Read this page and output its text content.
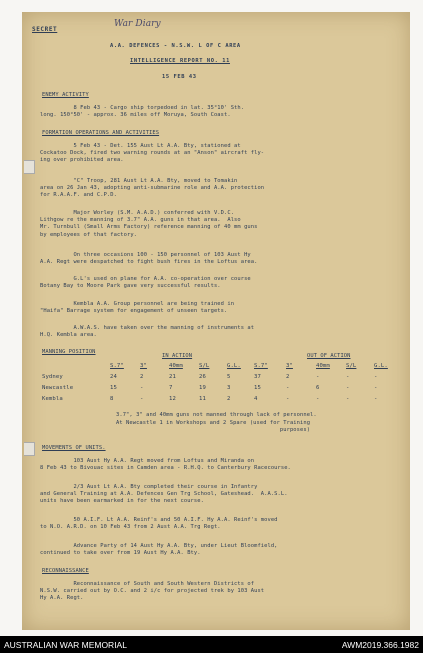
SECRET
War Diary
A.A. DEFENCES - N.S.W. L OF C AREA
INTELLIGENCE REPORT NO. 11
15 FEB 43
ENEMY ACTIVITY
8 Feb 43 - Cargo ship torpedoed in lat. 35°10' Sth.
long. 150°50' - approx. 36 miles off Moruya, South Coast.
FORMATION OPERATIONS AND ACTIVITIES
5 Feb 43 - Det. 155 Aust Lt A.A. Bty, stationed at
Cockatoo Dock, fired two warning rounds at an "Anson" aircraft fly-
ing over prohibited area.
"C" Troop, 281 Aust Lt A.A. Bty, moved to Tomakin
area on 26 Jan 43, adopting anti-submarine role and A.A. protection
for R.A.A.F. and C.P.D.
Major Worley (S.M. A.A.D.) conferred with V.D.C.
Lithgow re the manning of 3.7" A.A. guns in that area.  Also
Mr. Turnbull (Small Arms Factory) reference manning of 40 mm guns
by employees of that factory.
On three occasions 100 - 150 personnel of 103 Aust Hy
A.A. Regt were despatched to fight bush fires in the Loftus area.
G.L's used on plane for A.A. co-operation over course
Botany Bay to Moore Park gave very successful results.
Kembla A.A. Group personnel are being trained in
"Haifa" Barrage system for engagement of unseen targets.
A.W.A.S. have taken over the manning of instruments at
H.Q. Kembla area.
MANNING POSITION
IN ACTION	OUT OF ACTION
	S.7"	3"	40mm	S/L	G.L.	S.7"	3"	40mm	S/L	G.L.
Sydney	24	2	21	26	5	37	2	-	-	-
Newcastle	15	-	7	19	3	15	-	6	-	-
Kembla	8	-	12	11	2	4	-	-	-	-
3.7", 3" and 40mm guns not manned through lack of personnel.
At Newcastle 1 in Workshops and 2 Spare (used for Training
purposes)
MOVEMENTS OF UNITS.
103 Aust Hy A.A. Regt moved from Loftus and Miranda on
8 Feb 43 to Bivouac sites in Camden area - R.H.Q. to Canterbury Racecourse.
2/3 Aust Lt A.A. Bty completed their course in Infantry
and General Training at A.A. Defences Gen Trg School, Gateshead.  A.A.S.L.
units have been earmarked in for the next course.
50 A.I.F. Lt A.A. Reinf's and 50 A.I.F. Hy A.A. Reinf's moved
to N.O. A.R.D. on 10 Feb 43 from 2 Aust A.A. Trg Regt.
Advance Party of 14 Aust Hy A.A. Bty, under Lieut Bloomfield,
continued to take over from 19 Aust Hy A.A. Bty.
RECONNAISSANCE
Reconnaissance of South and South Western Districts of
N.S.W. carried out by O.C. and 2 i/c for projected trek by 103 Aust
Hy A.A. Regt.
AUSTRALIAN WAR MEMORIAL	AWM2019.366.1982
